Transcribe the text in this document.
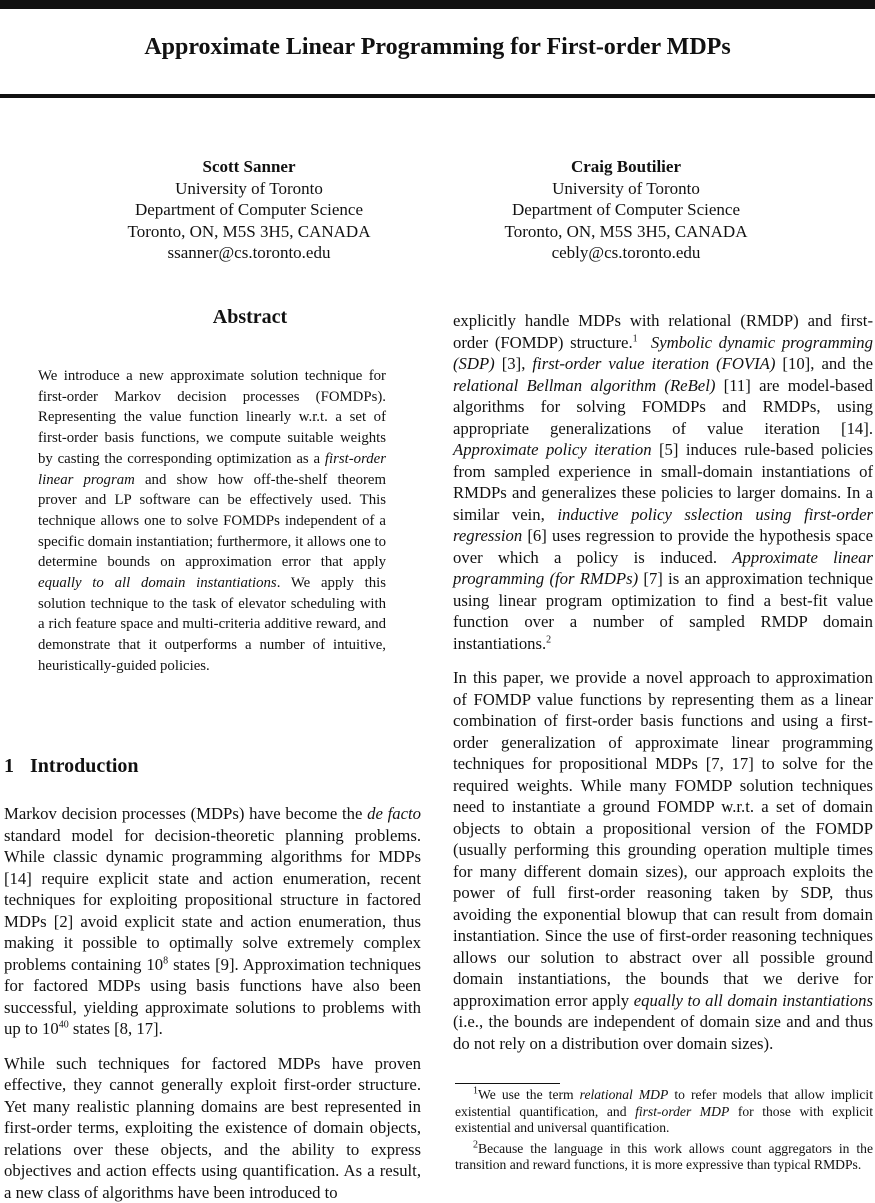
Approximate Linear Programming for First-order MDPs
Scott Sanner
University of Toronto
Department of Computer Science
Toronto, ON, M5S 3H5, CANADA
ssanner@cs.toronto.edu
Craig Boutilier
University of Toronto
Department of Computer Science
Toronto, ON, M5S 3H5, CANADA
cebly@cs.toronto.edu
Abstract
We introduce a new approximate solution technique for first-order Markov decision processes (FOMDPs). Representing the value function linearly w.r.t. a set of first-order basis functions, we compute suitable weights by casting the corresponding optimization as a first-order linear program and show how off-the-shelf theorem prover and LP software can be effectively used. This technique allows one to solve FOMDPs independent of a specific domain instantiation; furthermore, it allows one to determine bounds on approximation error that apply equally to all domain instantiations. We apply this solution technique to the task of elevator scheduling with a rich feature space and multi-criteria additive reward, and demonstrate that it outperforms a number of intuitive, heuristically-guided policies.
1 Introduction

Markov decision processes (MDPs) have become the de facto standard model for decision-theoretic planning problems. While classic dynamic programming algorithms for MDPs [14] require explicit state and action enumeration, recent techniques for exploiting propositional structure in factored MDPs [2] avoid explicit state and action enumeration, thus making it possible to optimally solve extremely complex problems containing $10^8$ states [9]. Approximation techniques for factored MDPs using basis functions have also been successful, yielding approximate solutions to problems with up to $10^{40}$ states [8, 17].

While such techniques for factored MDPs have proven effective, they cannot generally exploit first-order structure. Yet many realistic planning domains are best represented in first-order terms, exploiting the existence of domain objects, relations over these objects, and the ability to express objectives and action effects using quantification. As a result, a new class of algorithms have been introduced to

explicitly handle MDPs with relational (RMDP) and first-order (FOMDP) structure.$^1$ Symbolic dynamic programming (SDP) [3], first-order value iteration (FOVIA) [10], and the relational Bellman algorithm (ReBel) [11] are model-based algorithms for solving FOMDPs and RMDPs, using appropriate generalizations of value iteration [14]. Approximate policy iteration [5] induces rule-based policies from sampled experience in small-domain instantiations of RMDPs and generalizes these policies to larger domains. In a similar vein, inductive policy sslection using first-order regression [6] uses regression to provide the hypothesis space over which a policy is induced. Approximate linear programming (for RMDPs) [7] is an approximation technique using linear program optimization to find a best-fit value function over a number of sampled RMDP domain instantiations.$^2$

In this paper, we provide a novel approach to approximation of FOMDP value functions by representing them as a linear combination of first-order basis functions and using a first-order generalization of approximate linear programming techniques for propositional MDPs [7, 17] to solve for the required weights. While many FOMDP solution techniques need to instantiate a ground FOMDP w.r.t. a set of domain objects to obtain a propositional version of the FOMDP (usually performing this grounding operation multiple times for many different domain sizes), our approach exploits the power of full first-order reasoning taken by SDP, thus avoiding the exponential blowup that can result from domain instantiation. Since the use of first-order reasoning techniques allows our solution to abstract over all possible ground domain instantiations, the bounds that we derive for approximation error apply equally to all domain instantiations (i.e., the bounds are independent of domain size and and thus do not rely on a distribution over domain sizes).

$^1$We use the term relational MDP to refer models that allow implicit existential quantification, and first-order MDP for those with explicit existential and universal quantification.

$^2$Because the language in this work allows count aggregators in the transition and reward functions, it is more expressive than typical RMDPs.
